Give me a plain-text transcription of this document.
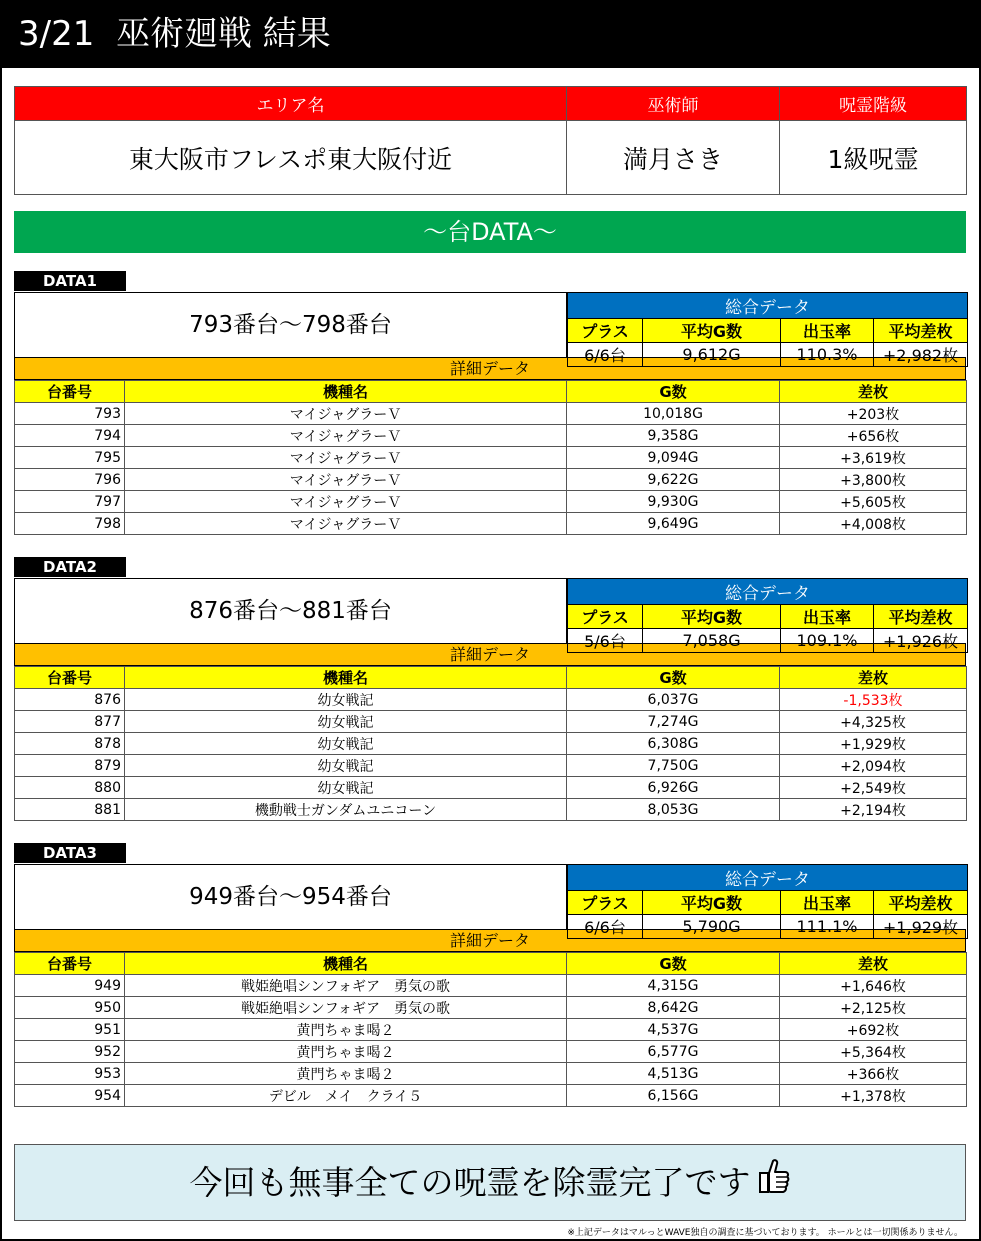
3/21 巫術廻戦 結果
エリア名	巫術師	呪霊階級
東大阪市フレスポ東大阪付近	満月さき	1級呪霊
〜台DATA〜
DATA1
793番台〜798番台
総合データ			
プラス	平均G数	出玉率	平均差枚
6/6台	9,612G	110.3%	+2,982枚
詳細データ
台番号	機種名	G数	差枚
793	マイジャグラーＶ	10,018G	+203枚
794	マイジャグラーＶ	9,358G	+656枚
795	マイジャグラーＶ	9,094G	+3,619枚
796	マイジャグラーＶ	9,622G	+3,800枚
797	マイジャグラーＶ	9,930G	+5,605枚
798	マイジャグラーＶ	9,649G	+4,008枚
DATA2
876番台〜881番台
総合データ			
プラス	平均G数	出玉率	平均差枚
5/6台	7,058G	109.1%	+1,926枚
詳細データ
台番号	機種名	G数	差枚
876	幼女戦記	6,037G	-1,533枚
877	幼女戦記	7,274G	+4,325枚
878	幼女戦記	6,308G	+1,929枚
879	幼女戦記	7,750G	+2,094枚
880	幼女戦記	6,926G	+2,549枚
881	機動戦士ガンダムユニコーン	8,053G	+2,194枚
DATA3
949番台〜954番台
総合データ			
プラス	平均G数	出玉率	平均差枚
6/6台	5,790G	111.1%	+1,929枚
詳細データ
台番号	機種名	G数	差枚
949	戦姫絶唱シンフォギア　勇気の歌	4,315G	+1,646枚
950	戦姫絶唱シンフォギア　勇気の歌	8,642G	+2,125枚
951	黄門ちゃま喝２	4,537G	+692枚
952	黄門ちゃま喝２	6,577G	+5,364枚
953	黄門ちゃま喝２	4,513G	+366枚
954	デビル　メイ　クライ５	6,156G	+1,378枚
今回も無事全ての呪霊を除霊完了です
※上記データはマルっとWAVE独自の調査に基づいております。 ホールとは一切関係ありません。
